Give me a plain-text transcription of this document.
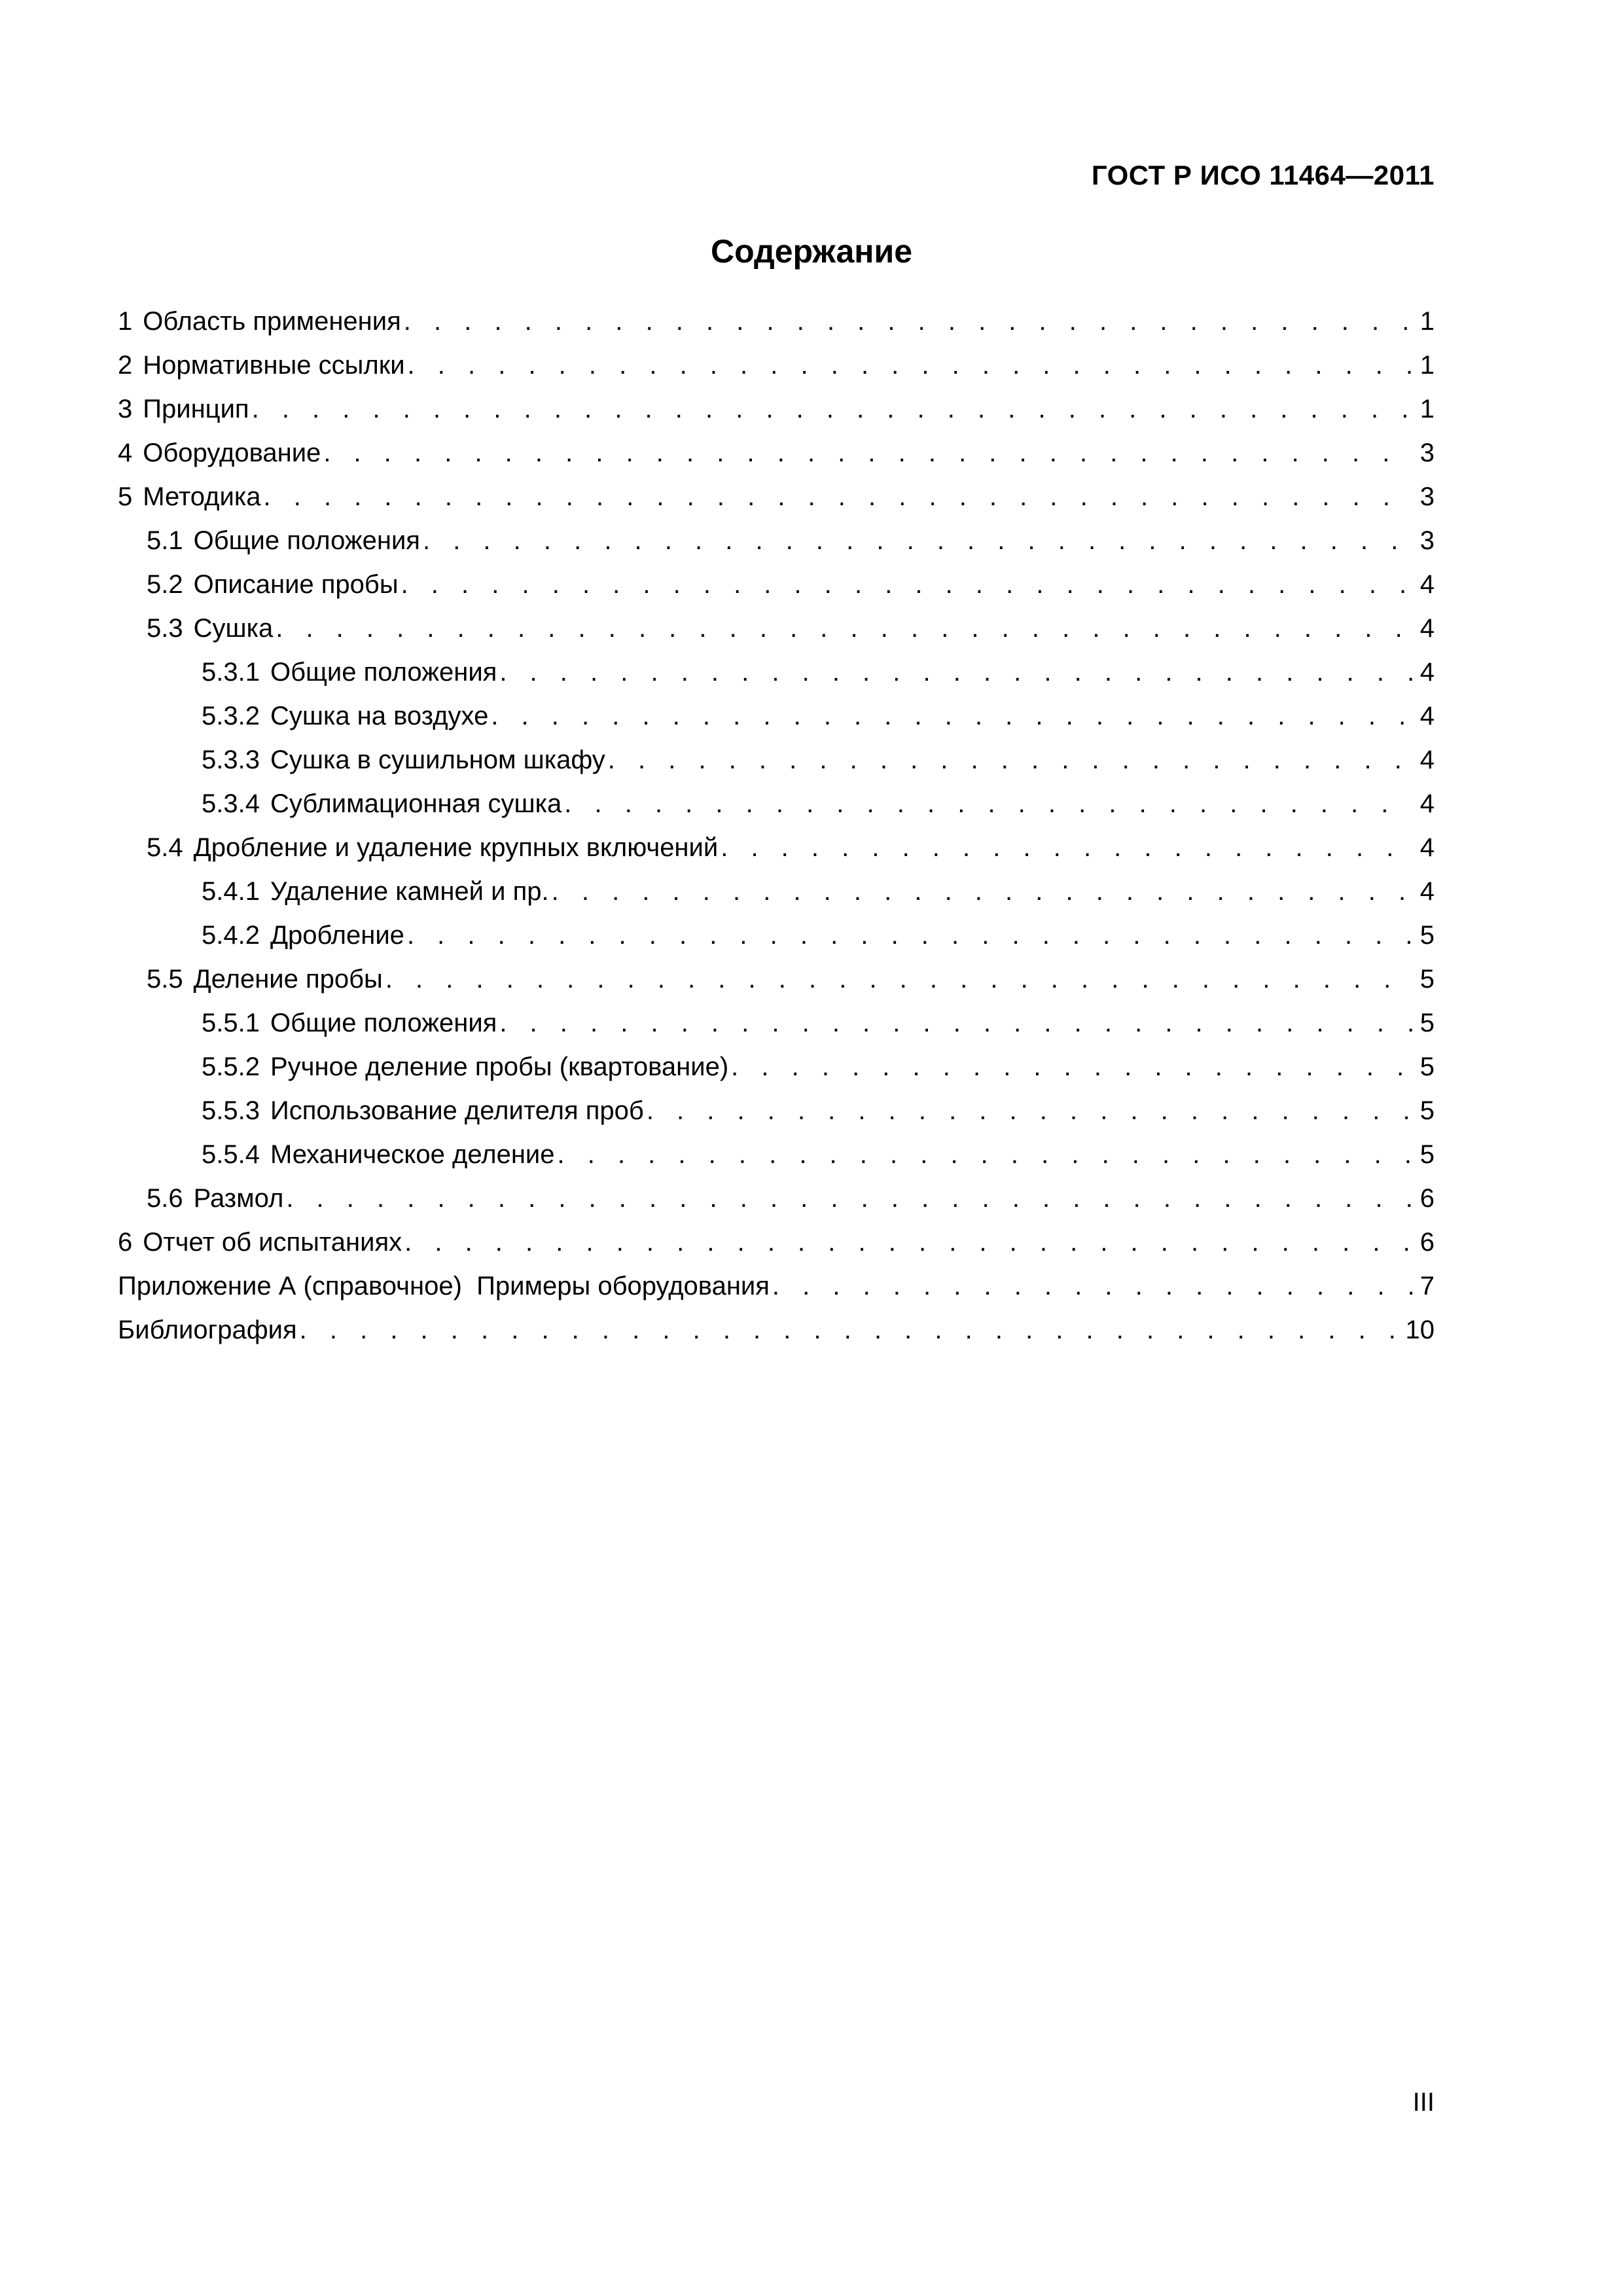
ГОСТ Р ИСО 11464—2011
Содержание
1 Область применения . . .	1
2 Нормативные ссылки . . .	1
3 Принцип . . .	1
4 Оборудование . . .	3
5 Методика . . .	3
5.1 Общие положения . . .	3
5.2 Описание пробы . . .	4
5.3 Сушка . . .	4
5.3.1 Общие положения . . .	4
5.3.2 Сушка на воздухе . . .	4
5.3.3 Сушка в сушильном шкафу . . .	4
5.3.4 Сублимационная сушка . . .	4
5.4 Дробление и удаление крупных включений . . .	4
5.4.1 Удаление камней и пр. . . .	4
5.4.2 Дробление . . .	5
5.5 Деление пробы . . .	5
5.5.1 Общие положения . . .	5
5.5.2 Ручное деление пробы (квартование) . . .	5
5.5.3 Использование делителя проб . . .	5
5.5.4 Механическое деление . . .	5
5.6 Размол . . .	6
6 Отчет об испытаниях . . .	6
Приложение А (справочное)  Примеры оборудования . . .	7
Библиография . . .	10
III
